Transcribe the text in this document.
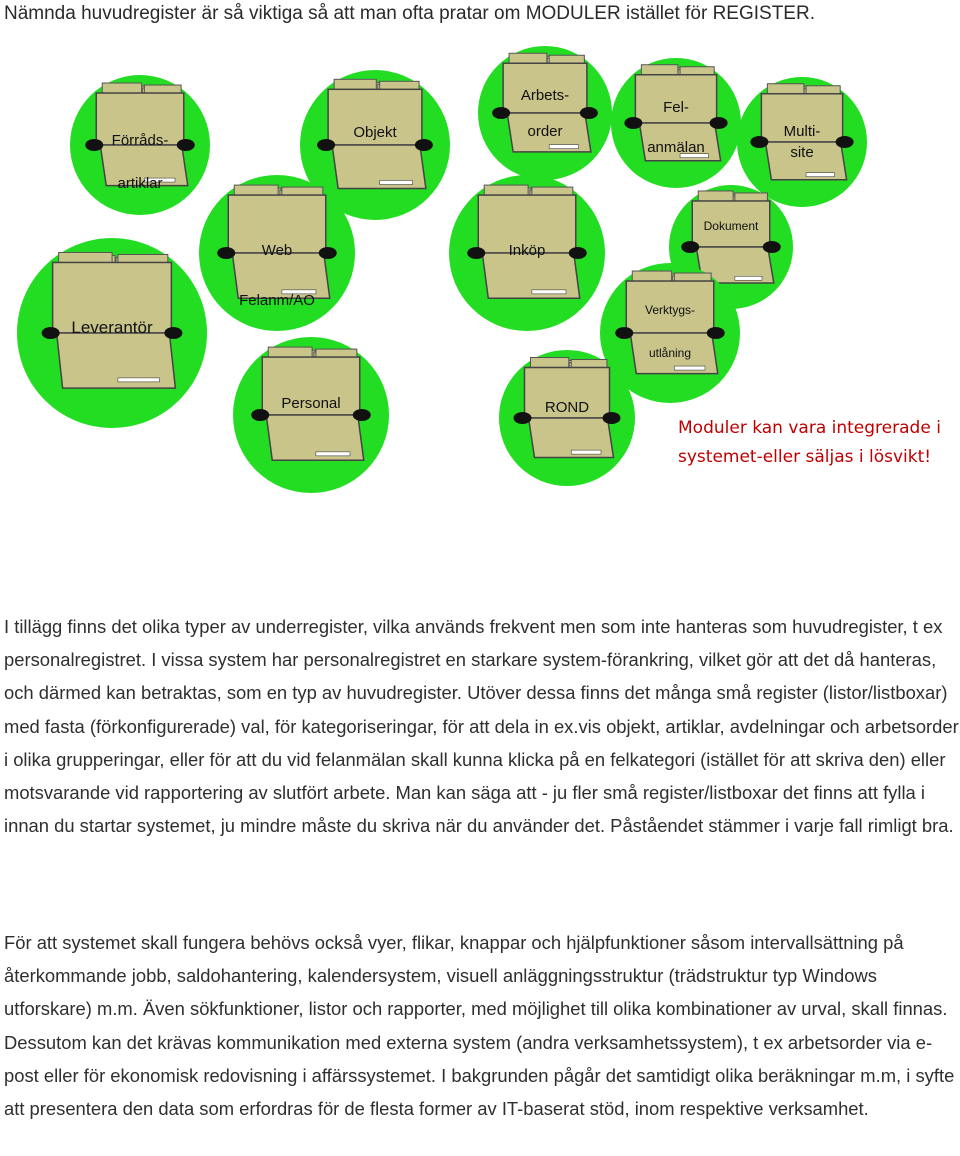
Nämnda huvudregister är så viktiga så att man ofta pratar om MODULER istället för REGISTER.

Förråds-
artiklar
Objekt
Arbets-
order
Fel-
anmälan
Multi-
site
Web
Felanm/AO
Inköp
Dokument
Leverantör
Verktygs-
utlåning
Personal	ROND
Moduler kan vara integrerade i
systemet-eller säljas i lösvikt!

I tillägg finns det olika typer av underregister, vilka används frekvent men som inte hanteras som huvudregister, t ex personalregistret. I vissa system har personalregistret en starkare system-förankring, vilket gör att det då hanteras, och därmed kan betraktas, som en typ av huvudregister. Utöver dessa finns det många små register (listor/listboxar) med fasta (förkonfigurerade) val, för kategoriseringar, för att dela in ex.vis objekt, artiklar, avdelningar och arbetsorder i olika grupperingar, eller för att du vid felanmälan skall kunna klicka på en felkategori (istället för att skriva den) eller motsvarande vid rapportering av slutfört arbete. Man kan säga att - ju fler små register/listboxar det finns att fylla i innan du startar systemet, ju mindre måste du skriva när du använder det. Påståendet stämmer i varje fall rimligt bra.

För att systemet skall fungera behövs också vyer, flikar, knappar och hjälpfunktioner såsom intervallsättning på återkommande jobb, saldohantering, kalendersystem, visuell anläggningsstruktur (trädstruktur typ Windows utforskare) m.m. Även sökfunktioner, listor och rapporter, med möjlighet till olika kombinationer av urval, skall finnas. Dessutom kan det krävas kommunikation med externa system (andra verksamhetssystem), t ex arbetsorder via e-post eller för ekonomisk redovisning i affärssystemet. I bakgrunden pågår det samtidigt olika beräkningar m.m, i syfte att presentera den data som erfordras för de flesta former av IT-baserat stöd, inom respektive verksamhet.
